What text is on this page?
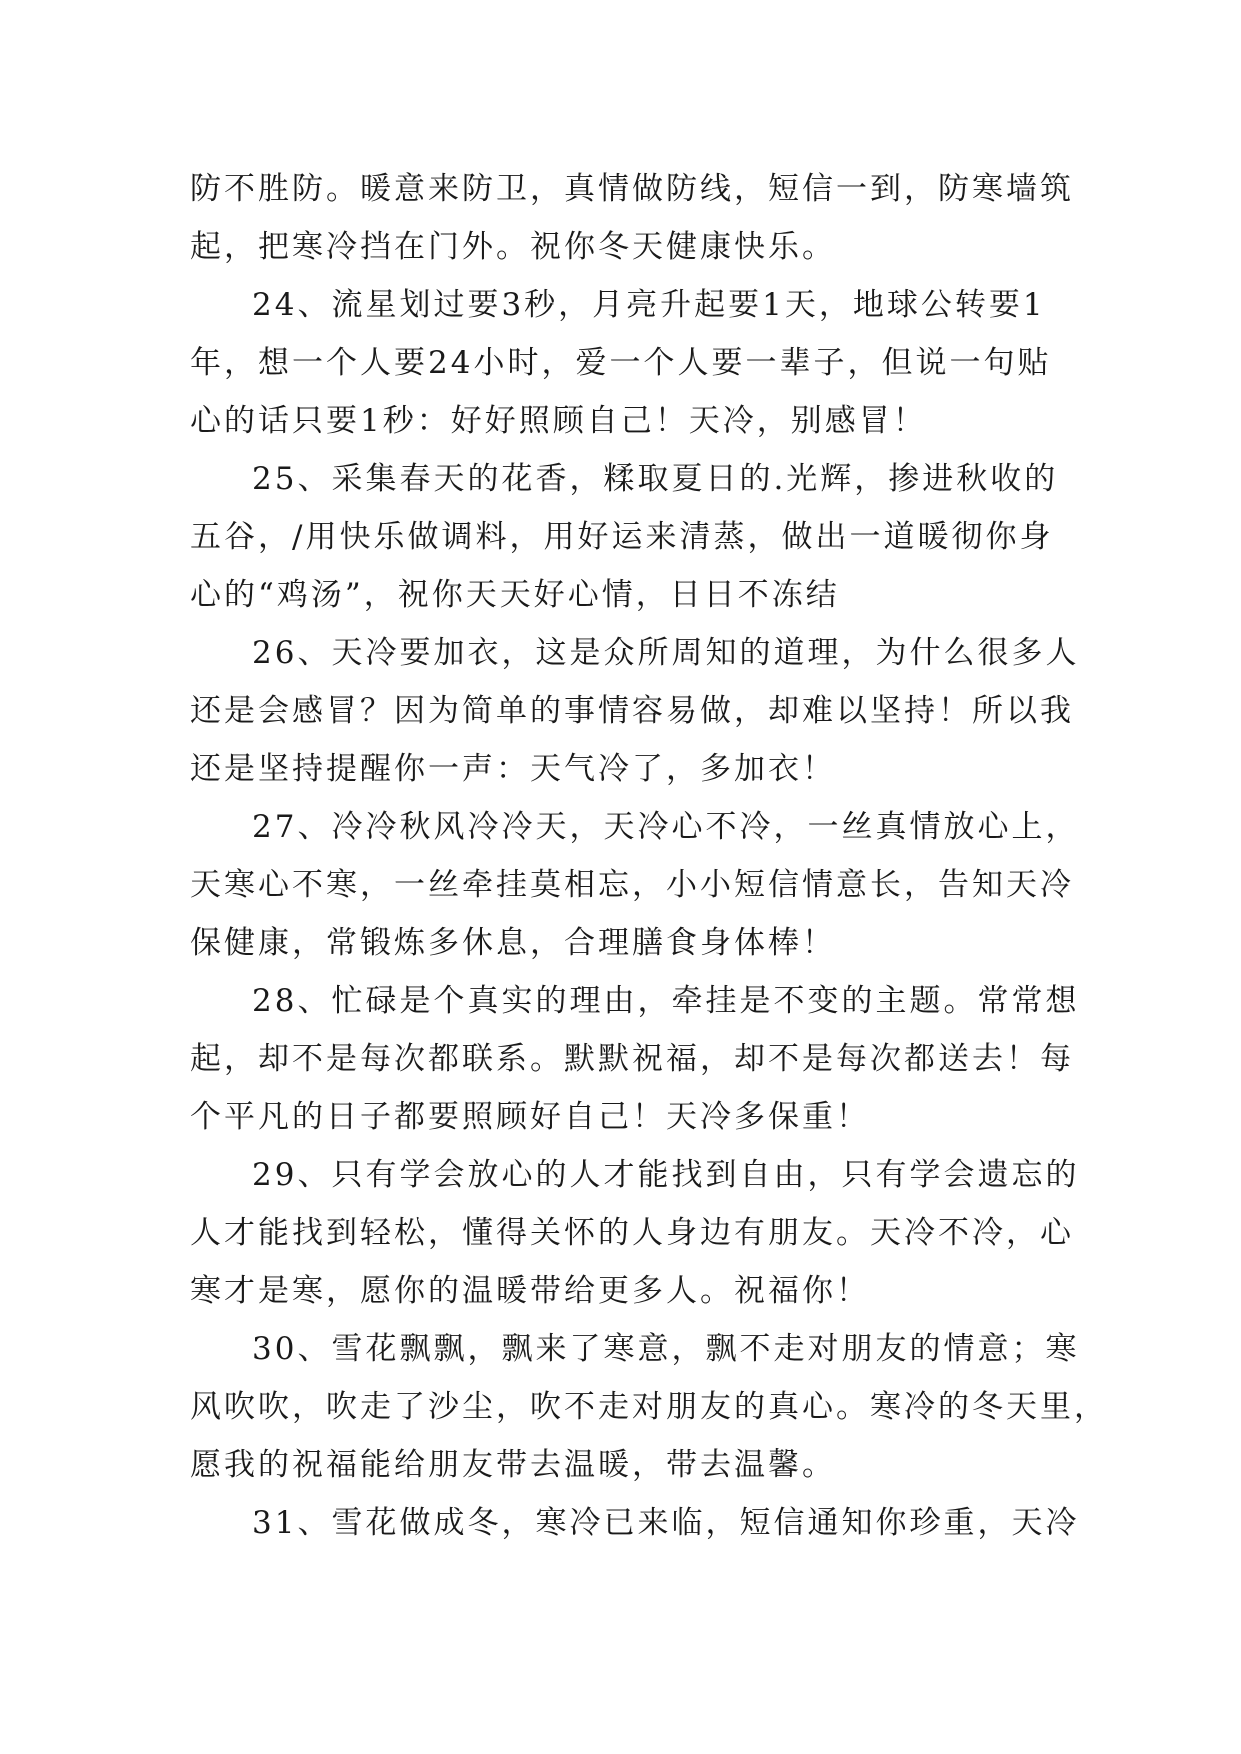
防不胜防。暖意来防卫，真情做防线，短信一到，防寒墙筑
起，把寒冷挡在门外。祝你冬天健康快乐。

24、流星划过要3秒，月亮升起要1天，地球公转要1
年，想一个人要24小时，爱一个人要一辈子，但说一句贴
心的话只要1秒：好好照顾自己！天冷，别感冒！

25、采集春天的花香，糅取夏日的.光辉，掺进秋收的
五谷，/用快乐做调料，用好运来清蒸，做出一道暖彻你身
心的“鸡汤”，祝你天天好心情，日日不冻结

26、天冷要加衣，这是众所周知的道理，为什么很多人
还是会感冒？因为简单的事情容易做，却难以坚持！所以我
还是坚持提醒你一声：天气冷了，多加衣！

27、冷冷秋风冷冷天，天冷心不冷，一丝真情放心上，
天寒心不寒，一丝牵挂莫相忘，小小短信情意长，告知天冷
保健康，常锻炼多休息，合理膳食身体棒！

28、忙碌是个真实的理由，牵挂是不变的主题。常常想
起，却不是每次都联系。默默祝福，却不是每次都送去！每
个平凡的日子都要照顾好自己！天冷多保重！

29、只有学会放心的人才能找到自由，只有学会遗忘的
人才能找到轻松，懂得关怀的人身边有朋友。天冷不冷，心
寒才是寒，愿你的温暖带给更多人。祝福你！

30、雪花飘飘，飘来了寒意，飘不走对朋友的情意；寒
风吹吹，吹走了沙尘，吹不走对朋友的真心。寒冷的冬天里，
愿我的祝福能给朋友带去温暖，带去温馨。

31、雪花做成冬，寒冷已来临，短信通知你珍重，天冷
